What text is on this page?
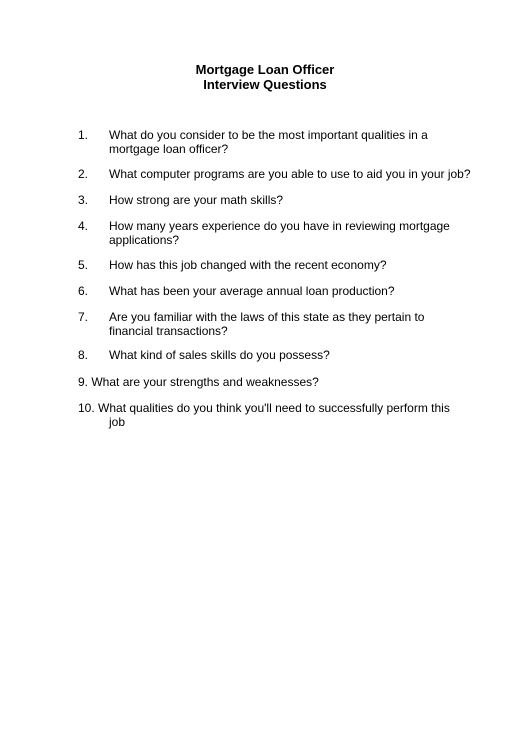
Mortgage Loan Officer
Interview Questions
1. What do you consider to be the most important qualities in a mortgage loan officer?
2. What computer programs are you able to use to aid you in your job?
3. How strong are your math skills?
4. How many years experience do you have in reviewing mortgage applications?
5. How has this job changed with the recent economy?
6. What has been your average annual loan production?
7. Are you familiar with the laws of this state as they pertain to financial transactions?
8. What kind of sales skills do you possess?
9. What are your strengths and weaknesses?
10. What qualities do you think you'll need to successfully perform this job
